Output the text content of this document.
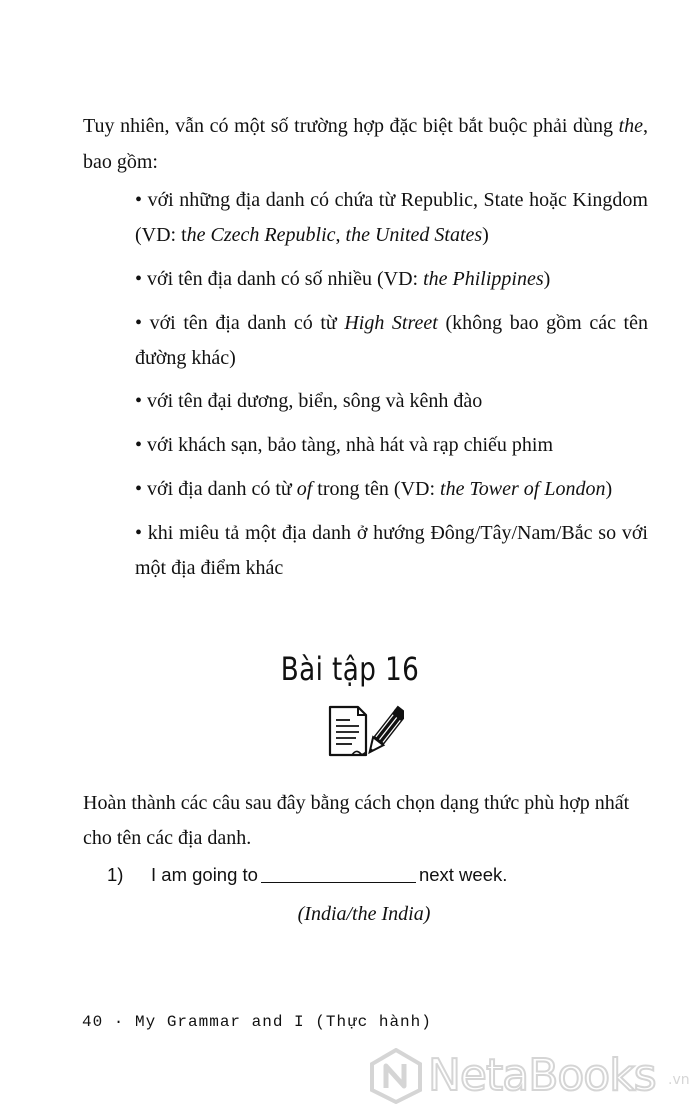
Tuy nhiên, vẫn có một số trường hợp đặc biệt bắt buộc phải dùng the, bao gồm:
• với những địa danh có chứa từ Republic, State hoặc Kingdom (VD: the Czech Republic, the United States)
• với tên địa danh có số nhiều (VD: the Philippines)
• với tên địa danh có từ High Street (không bao gồm các tên đường khác)
• với tên đại dương, biển, sông và kênh đào
• với khách sạn, bảo tàng, nhà hát và rạp chiếu phim
• với địa danh có từ of trong tên (VD: the Tower of London)
• khi miêu tả một địa danh ở hướng Đông/Tây/Nam/Bắc so với một địa điểm khác
Bài tập 16
Hoàn thành các câu sau đây bằng cách chọn dạng thức phù hợp nhất cho tên các địa danh.
1) I am going to	next week.
(India/the India)
40 · My Grammar and I (Thực hành)
NetaBooks .vn
